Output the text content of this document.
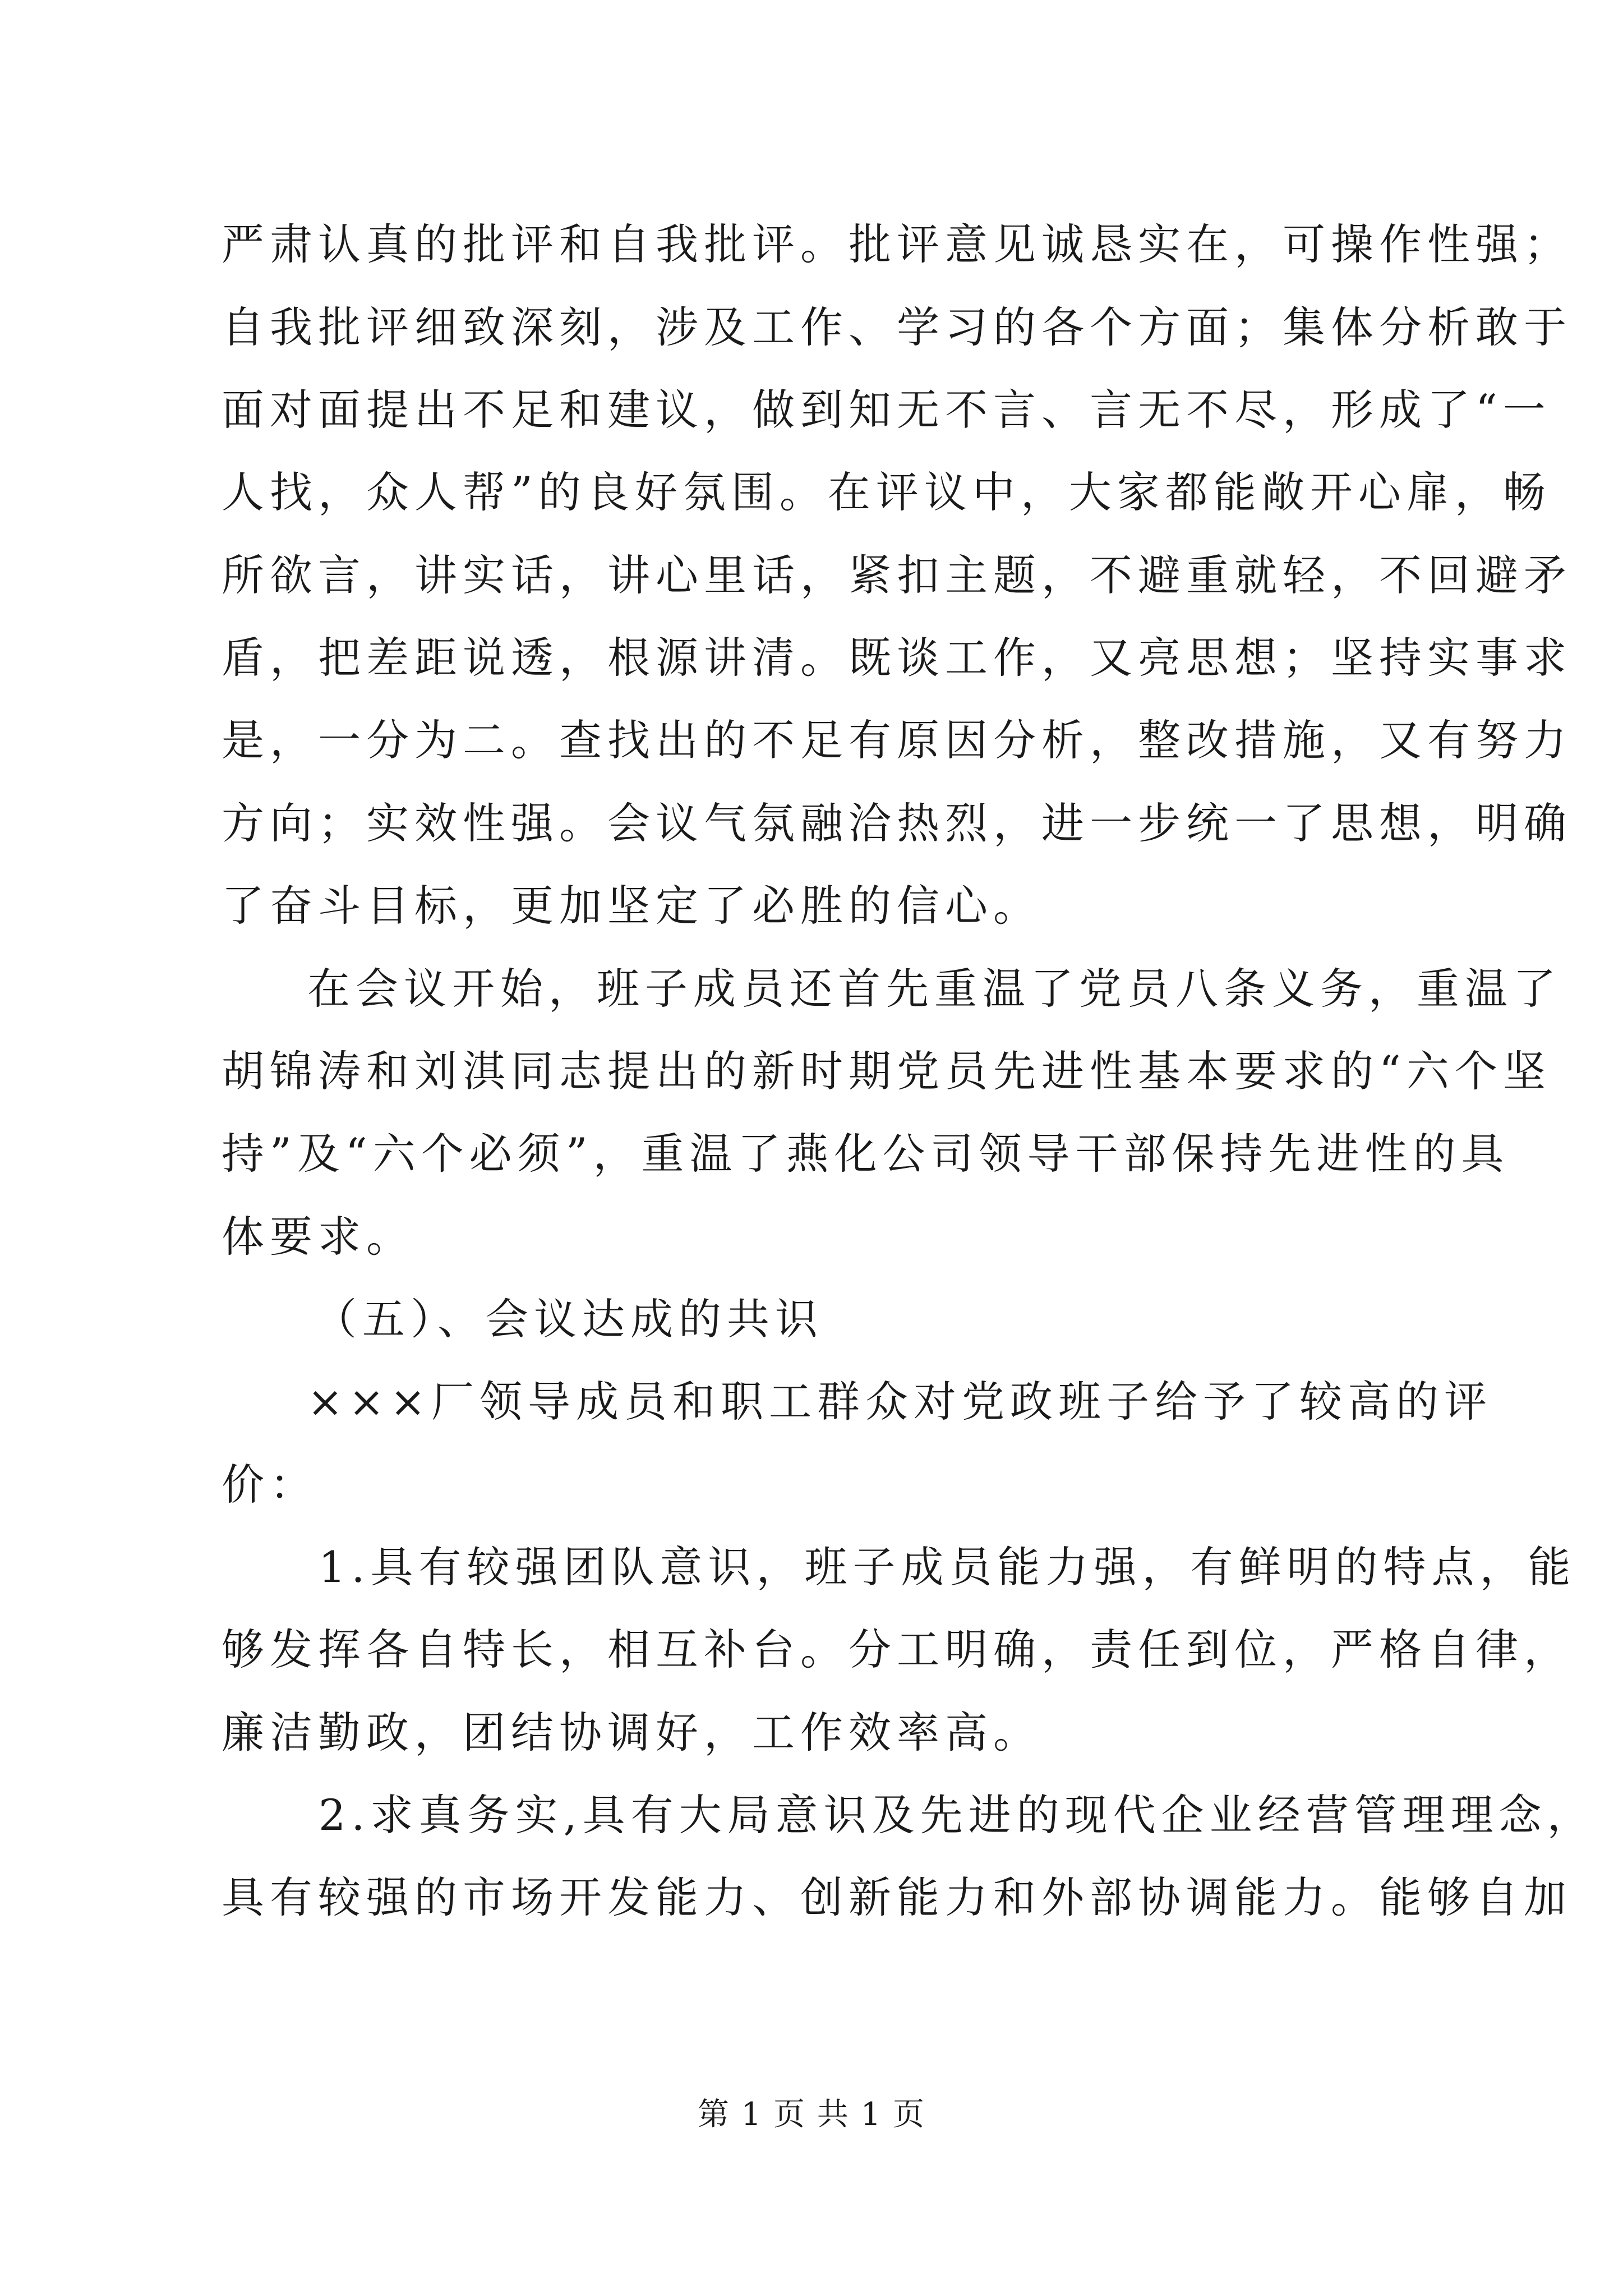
严肃认真的批评和自我批评。批评意见诚恳实在，可操作性强；
自我批评细致深刻，涉及工作、学习的各个方面；集体分析敢于
面对面提出不足和建议，做到知无不言、言无不尽，形成了“一
人找，众人帮”的良好氛围。在评议中，大家都能敞开心扉，畅
所欲言，讲实话，讲心里话，紧扣主题，不避重就轻，不回避矛
盾，把差距说透，根源讲清。既谈工作，又亮思想；坚持实事求
是，一分为二。查找出的不足有原因分析，整改措施，又有努力
方向；实效性强。会议气氛融洽热烈，进一步统一了思想，明确
了奋斗目标，更加坚定了必胜的信心。
在会议开始，班子成员还首先重温了党员八条义务，重温了
胡锦涛和刘淇同志提出的新时期党员先进性基本要求的“六个坚
持”及“六个必须”，重温了燕化公司领导干部保持先进性的具
体要求。
（五）、会议达成的共识
×××厂领导成员和职工群众对党政班子给予了较高的评
价：
1.具有较强团队意识，班子成员能力强，有鲜明的特点，能
够发挥各自特长，相互补台。分工明确，责任到位，严格自律，
廉洁勤政，团结协调好，工作效率高。
2.求真务实,具有大局意识及先进的现代企业经营管理理念，
具有较强的市场开发能力、创新能力和外部协调能力。能够自加
第 1 页 共 1 页
